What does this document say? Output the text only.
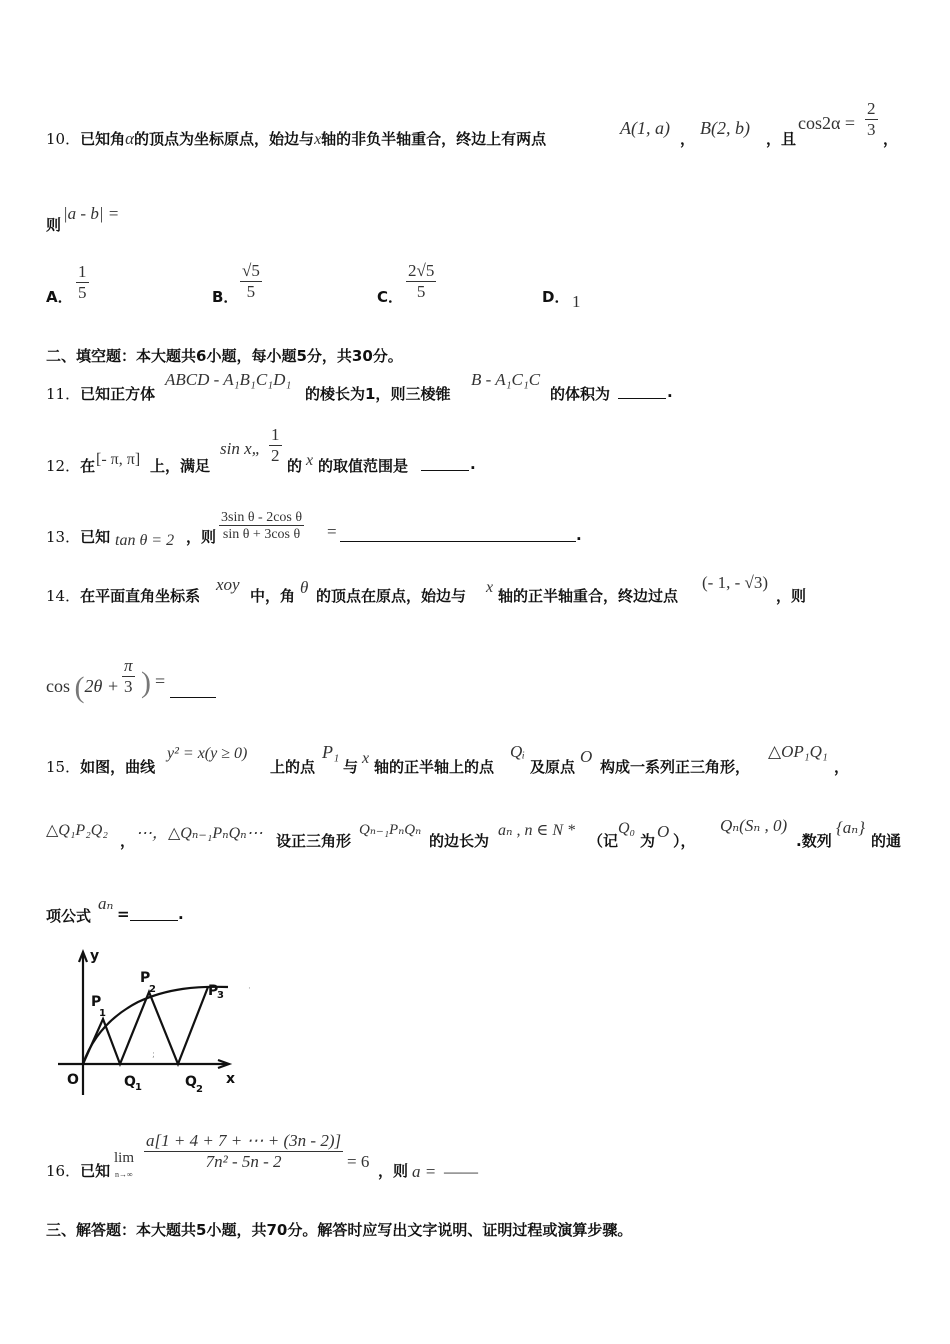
10．已知角α的顶点为坐标原点，始边与x轴的非负半轴重合，终边上有两点
A(1, a)
，
B(2, b)
，且
$\cos 2\alpha = \frac{2}{3}$ ，
则
|a - b| =
A． $\frac{1}{5}$	B． $\frac{√5}{5}$	C． $\frac{2√5}{5}$	D． 1
二、填空题：本大题共6小题，每小题5分，共30分。
11．已知正方体
ABCD - A₁B₁C₁D₁
的棱长为1，则三棱锥
B - A₁C₁C
的体积为	.
12．在 [- π, π] 上，满足
sin x„ $\frac{1}{2}$
的 x 的取值范围是	.
13．已知 tan θ = 2 ，则 $\frac{\text{3sin θ - 2cos θ}}{\text{sin θ + 3cos θ}}$ =	.
14．在平面直角坐标系
xoy
中，角 θ 的顶点在原点，始边与 x 轴的正半轴重合，终边过点
(- 1, - √3)
，则
$\cos (2\theta + \frac{\pi}{3}$ ) =
15．如图，曲线
y² = x(y ≥ 0)
上的点
P₁
与 x 轴的正半轴上的点
Qᵢ
及原点
O
构成一系列正三角形，
△OP₁Q₁
，
△Q₁P₂Q₂
， ⋯，△Qₙ₋₁PₙQₙ⋯ 设正三角形
Qₙ₋₁PₙQₙ
的边长为
aₙ , n ∈ N *
（记
Q₀
为 O ），
Qₙ(Sₙ , 0)
.数列
{aₙ}
的通
项公式
aₙ
=	.
;
·
y
x
O
P
1
P
2	P
3
Q 1	Q 2
16．已知
lim
n→∞
$\frac{a[1 + 4 + 7 + \cdots + (3n - 2)]}{\text{7n² - 5n - 2}} = 6$ ，则 a = ——
三、解答题：本大题共5小题，共70分。解答时应写出文字说明、证明过程或演算步骤。
